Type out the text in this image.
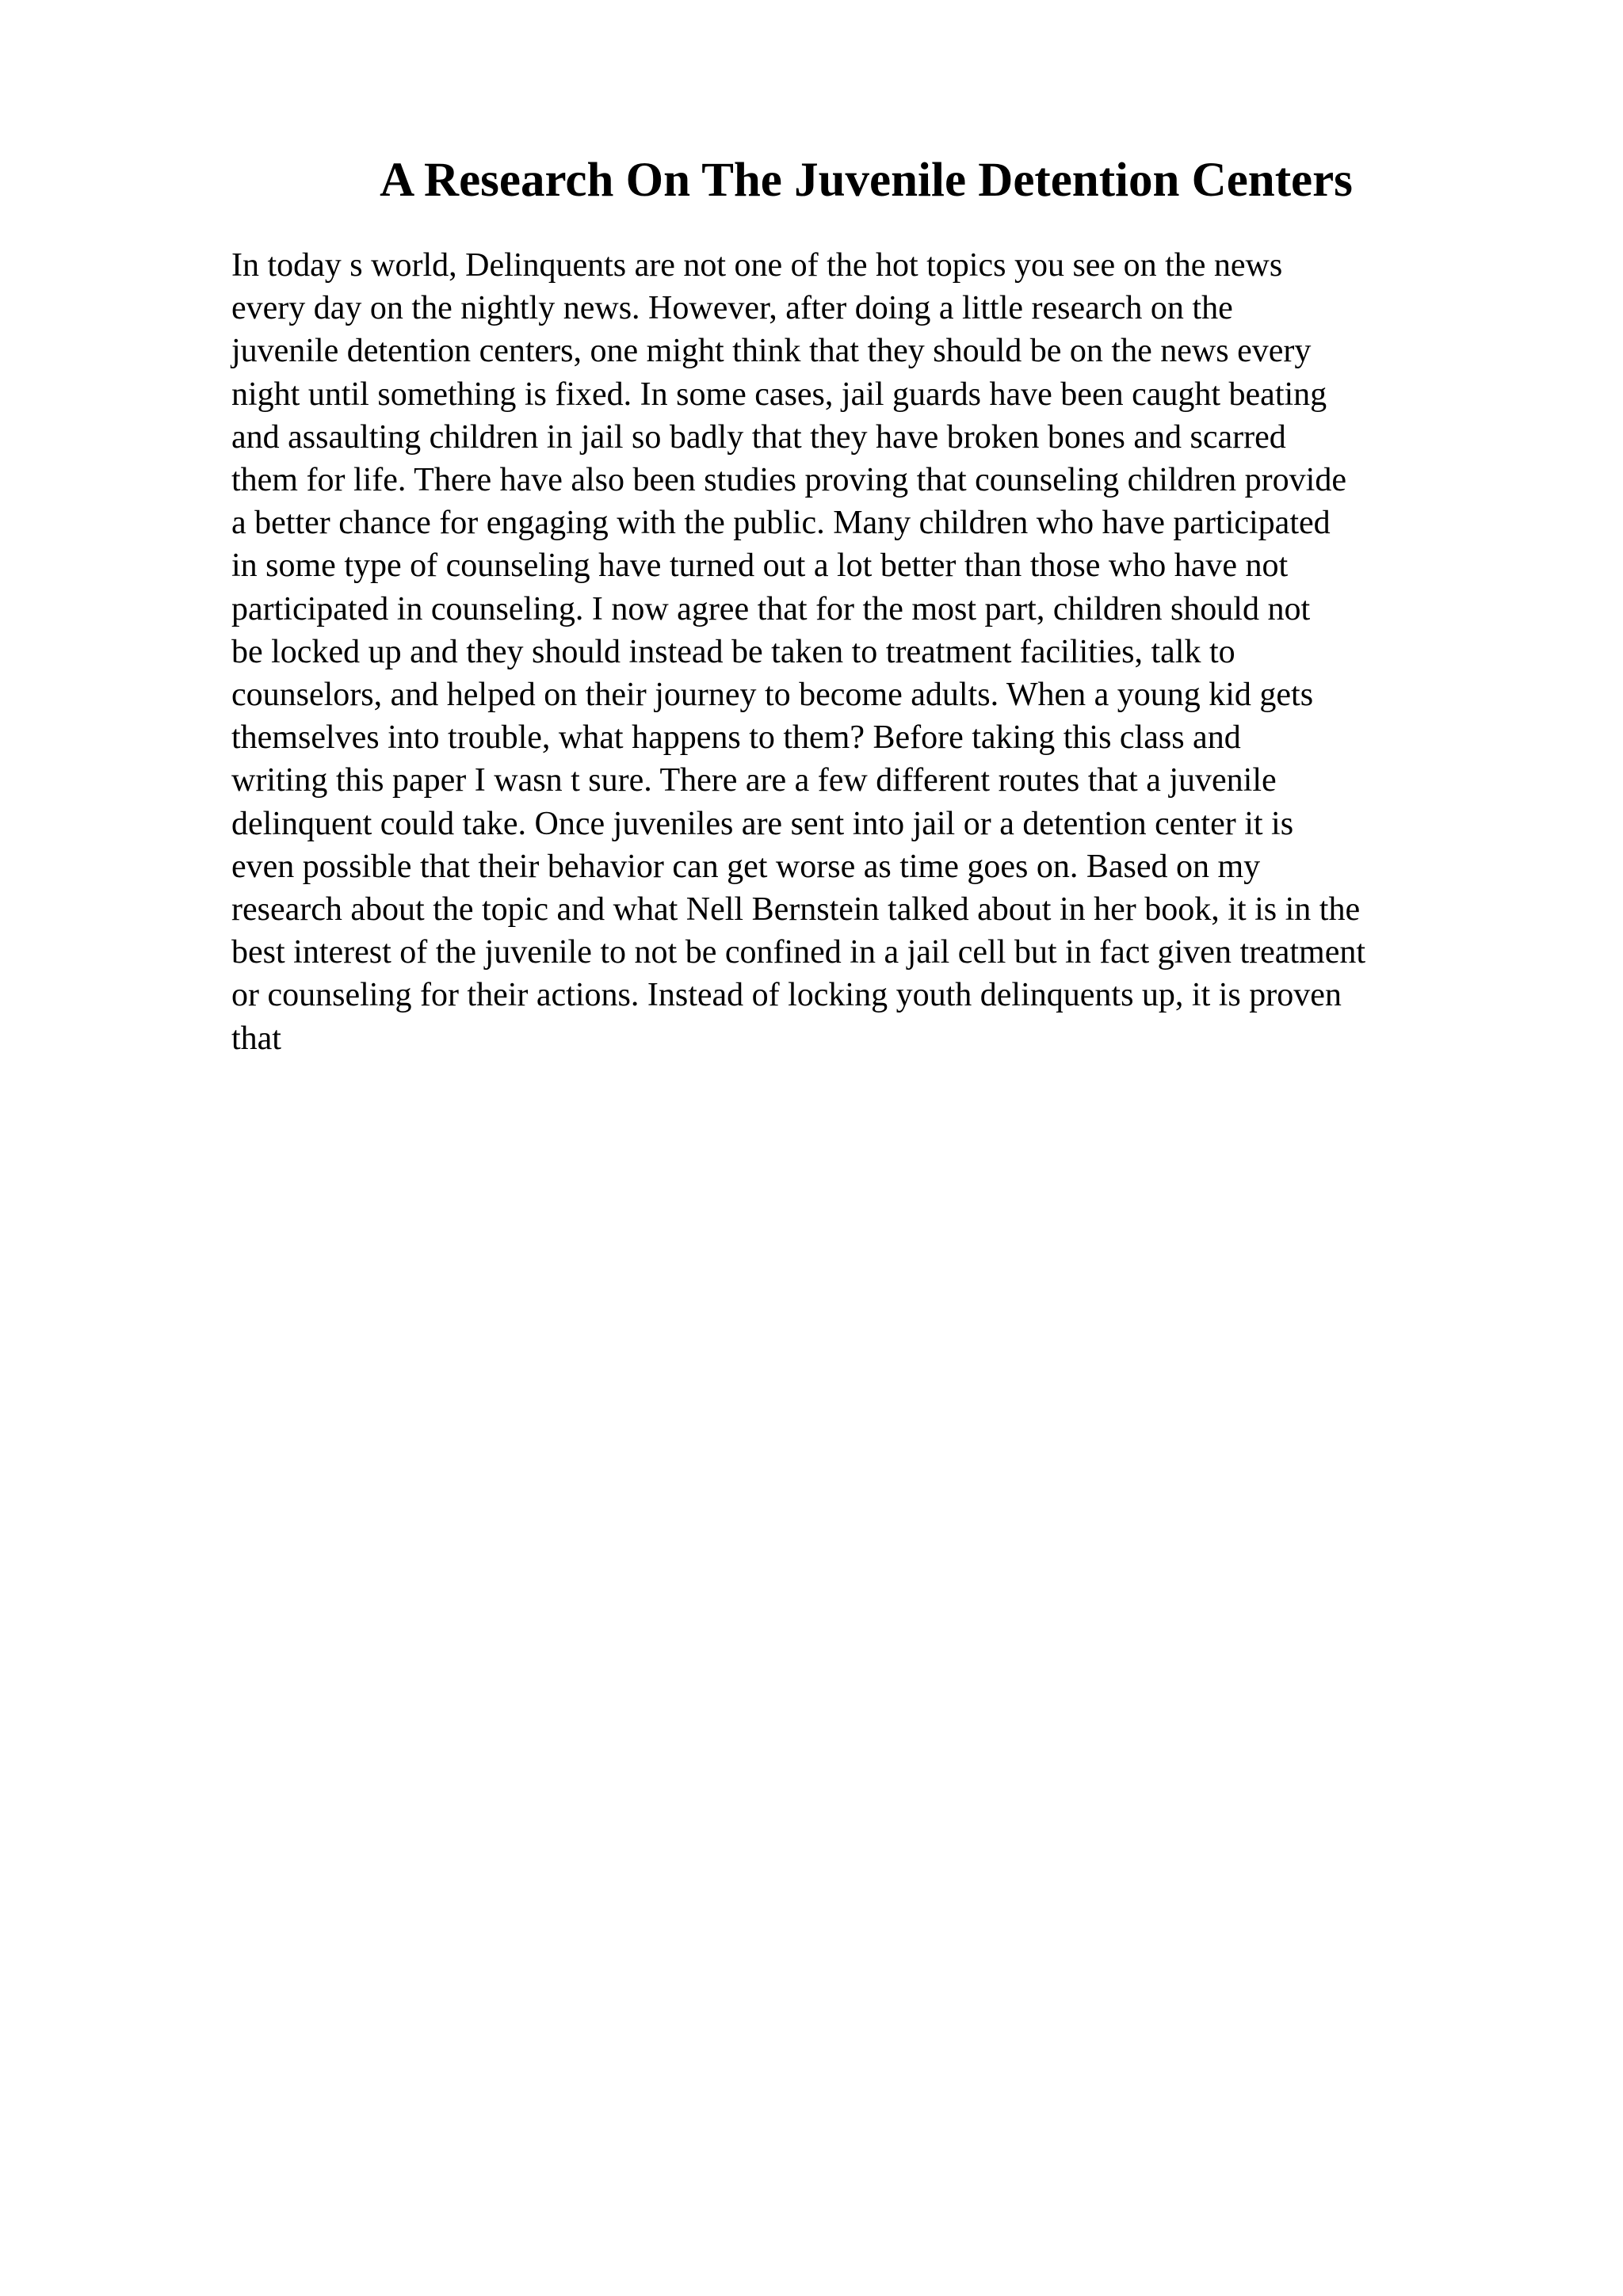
A Research On The Juvenile Detention Centers
In today s world, Delinquents are not one of the hot topics you see on the news
every day on the nightly news. However, after doing a little research on the
juvenile detention centers, one might think that they should be on the news every
night until something is fixed. In some cases, jail guards have been caught beating
and assaulting children in jail so badly that they have broken bones and scarred
them for life. There have also been studies proving that counseling children provide
a better chance for engaging with the public. Many children who have participated
in some type of counseling have turned out a lot better than those who have not
participated in counseling. I now agree that for the most part, children should not
be locked up and they should instead be taken to treatment facilities, talk to
counselors, and helped on their journey to become adults. When a young kid gets
themselves into trouble, what happens to them? Before taking this class and
writing this paper I wasn t sure. There are a few different routes that a juvenile
delinquent could take. Once juveniles are sent into jail or a detention center it is
even possible that their behavior can get worse as time goes on. Based on my
research about the topic and what Nell Bernstein talked about in her book, it is in the
best interest of the juvenile to not be confined in a jail cell but in fact given treatment
or counseling for their actions. Instead of locking youth delinquents up, it is proven
that
